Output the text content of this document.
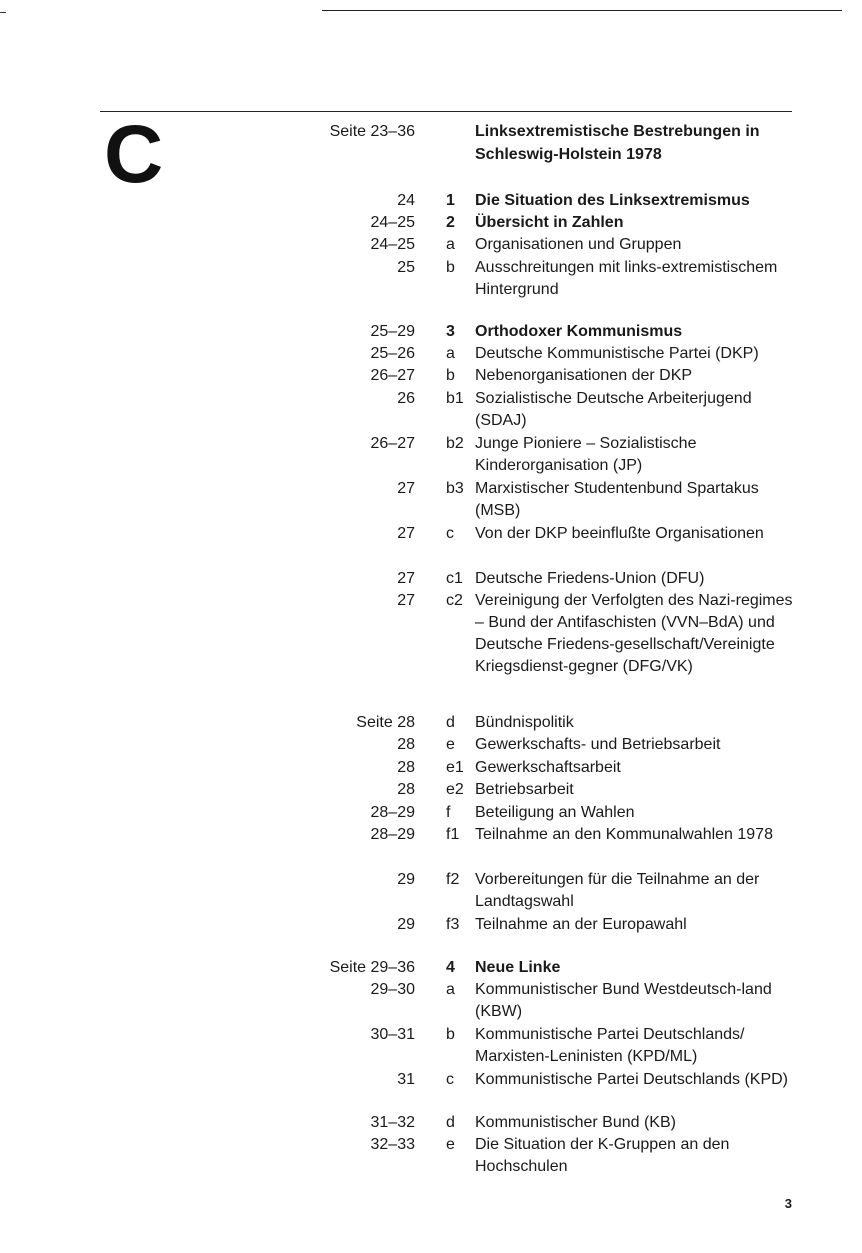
C	Seite 23–36	Linksextremistische Bestrebungen in Schleswig-Holstein 1978
24 1 Die Situation des Linksextremismus
24–25 2 Übersicht in Zahlen
24–25 a Organisationen und Gruppen
25 b Ausschreitungen mit links-extremistischem Hintergrund
25–29 3 Orthodoxer Kommunismus
25–26 a Deutsche Kommunistische Partei (DKP)
26–27 b Nebenorganisationen der DKP
26 b1 Sozialistische Deutsche Arbeiterjugend (SDAJ)
26–27 b2 Junge Pioniere – Sozialistische Kinderorganisation (JP)
27 b3 Marxistischer Studentenbund Spartakus (MSB)
27 c Von der DKP beeinflußte Organisationen
27 c1 Deutsche Friedens-Union (DFU)
27 c2 Vereinigung der Verfolgten des Nazi-regimes – Bund der Antifaschisten (VVN–BdA) und Deutsche Friedens-gesellschaft/Vereinigte Kriegsdienst-gegner (DFG/VK)
Seite 28 d Bündnispolitik
28 e Gewerkschafts- und Betriebsarbeit
28 e1 Gewerkschaftsarbeit
28 e2 Betriebsarbeit
28–29 f Beteiligung an Wahlen
28–29 f1 Teilnahme an den Kommunalwahlen 1978
29 f2 Vorbereitungen für die Teilnahme an der Landtagswahl
29 f3 Teilnahme an der Europawahl
Seite 29–36 4 Neue Linke
29–30 a Kommunistischer Bund Westdeutsch-land (KBW)
30–31 b Kommunistische Partei Deutschlands/ Marxisten-Leninisten (KPD/ML)
31 c Kommunistische Partei Deutschlands (KPD)
31–32 d Kommunistischer Bund (KB)
32–33 e Die Situation der K-Gruppen an den Hochschulen
3
